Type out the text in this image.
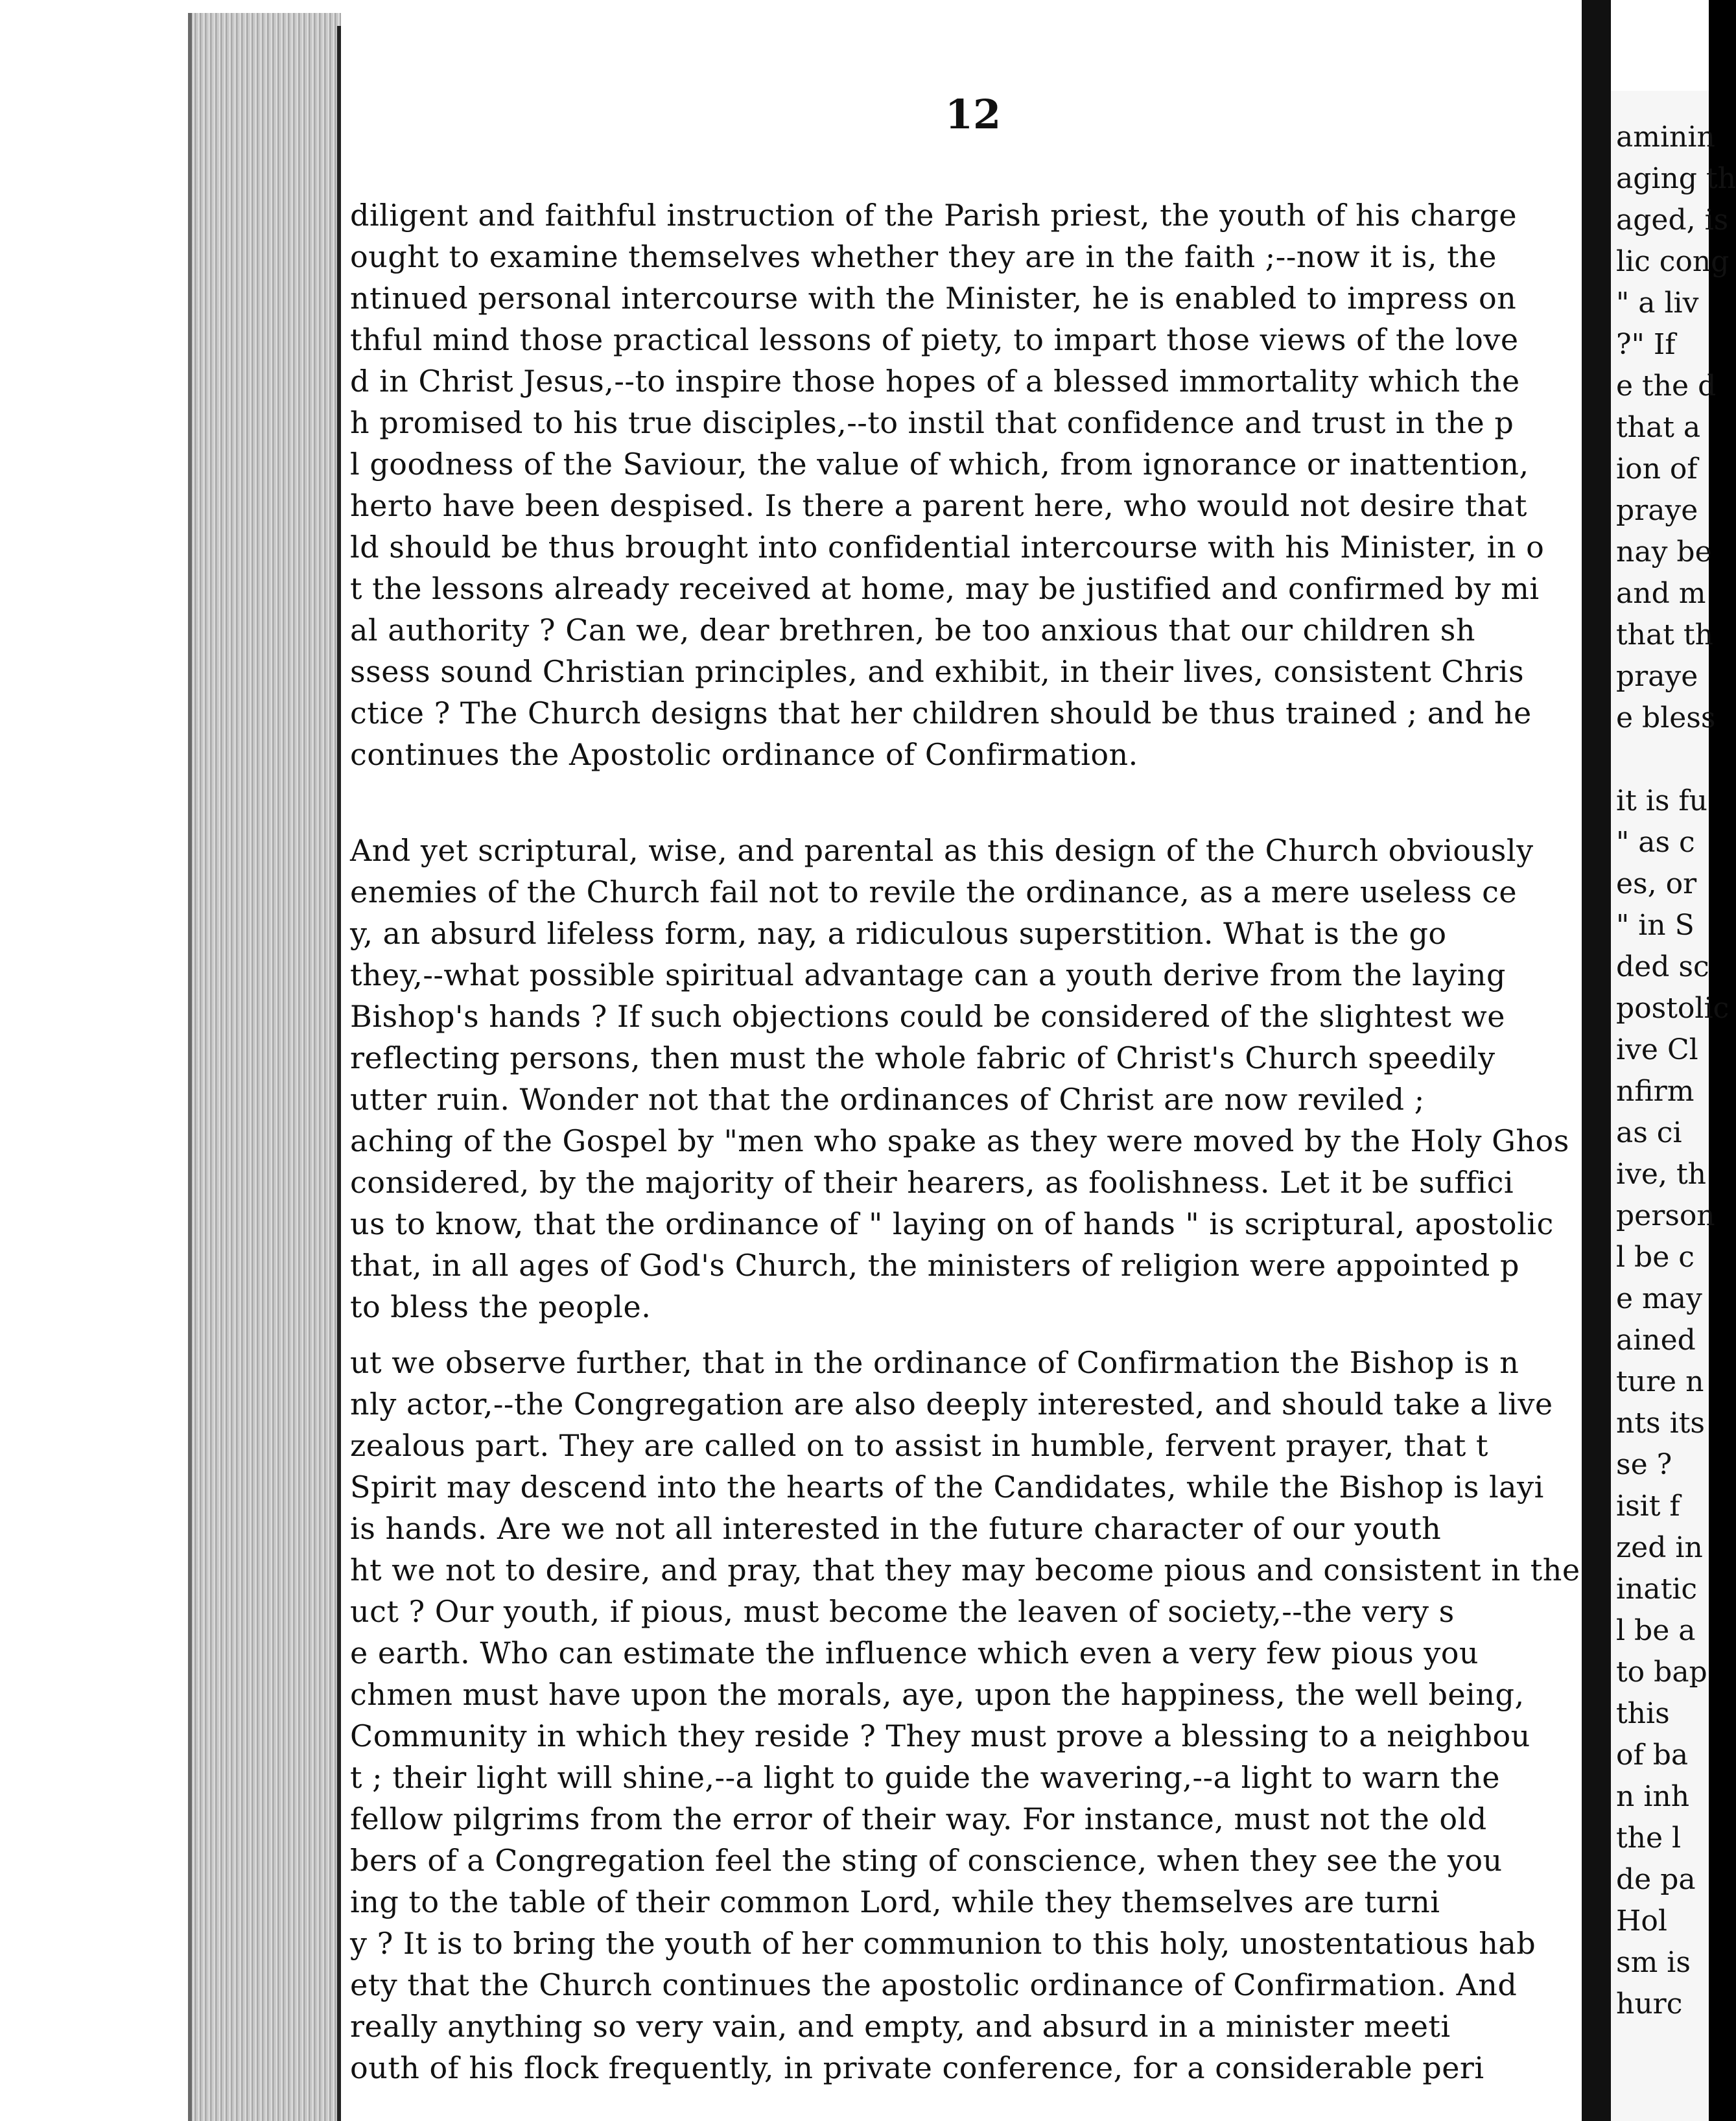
12
diligent and faithful instruction of the Parish priest, the youth of his charge
ought to examine themselves whether they are in the faith ;--now it is, the
ntinued personal intercourse with the Minister, he is enabled to impress on
thful mind those practical lessons of piety, to impart those views of the love
d in Christ Jesus,--to inspire those hopes of a blessed immortality which the
h promised to his true disciples,--to instil that confidence and trust in the p
l goodness of the Saviour, the value of which, from ignorance or inattention,
herto have been despised. Is there a parent here, who would not desire that
ld should be thus brought into confidential intercourse with his Minister, in o
t the lessons already received at home, may be justified and confirmed by mi
al authority ? Can we, dear brethren, be too anxious that our children sh
ssess sound Christian principles, and exhibit, in their lives, consistent Chris
ctice ? The Church designs that her children should be thus trained ; and he
continues the Apostolic ordinance of Confirmation.
And yet scriptural, wise, and parental as this design of the Church obviously
enemies of the Church fail not to revile the ordinance, as a mere useless ce
y, an absurd lifeless form, nay, a ridiculous superstition. What is the go
they,--what possible spiritual advantage can a youth derive from the laying
Bishop's hands ? If such objections could be considered of the slightest we
reflecting persons, then must the whole fabric of Christ's Church speedily
utter ruin. Wonder not that the ordinances of Christ are now reviled ;
aching of the Gospel by "men who spake as they were moved by the Holy Ghos
considered, by the majority of their hearers, as foolishness. Let it be suffici
us to know, that the ordinance of " laying on of hands " is scriptural, apostolic
that, in all ages of God's Church, the ministers of religion were appointed p
to bless the people.
ut we observe further, that in the ordinance of Confirmation the Bishop is n
nly actor,--the Congregation are also deeply interested, and should take a live
zealous part. They are called on to assist in humble, fervent prayer, that t
Spirit may descend into the hearts of the Candidates, while the Bishop is layi
is hands. Are we not all interested in the future character of our youth
ht we not to desire, and pray, that they may become pious and consistent in the
uct ? Our youth, if pious, must become the leaven of society,--the very s
e earth. Who can estimate the influence which even a very few pious you
chmen must have upon the morals, aye, upon the happiness, the well being,
Community in which they reside ? They must prove a blessing to a neighbou
t ; their light will shine,--a light to guide the wavering,--a light to warn the
fellow pilgrims from the error of their way. For instance, must not the old
bers of a Congregation feel the sting of conscience, when they see the you
ing to the table of their common Lord, while they themselves are turni
y ? It is to bring the youth of her communion to this holy, unostentatious hab
ety that the Church continues the apostolic ordinance of Confirmation. And
really anything so very vain, and empty, and absurd in a minister meeti
outh of his flock frequently, in private conference, for a considerable peri
aminin
aging th
aged, is
lic cong
" a liv
?" If
e the d
that a
ion of
praye
nay be
and m
that th
praye
e bless
it is fu
" as c
es, or
" in S
ded sc
postolic
ive Cl
nfirm
as ci
ive, th
person
l be c
e may
ained
ture n
nts its
se ?
isit f
zed in
inatic
l be a
to bap
this
of ba
n inh
the l
de pa
Hol
sm is
hurc
